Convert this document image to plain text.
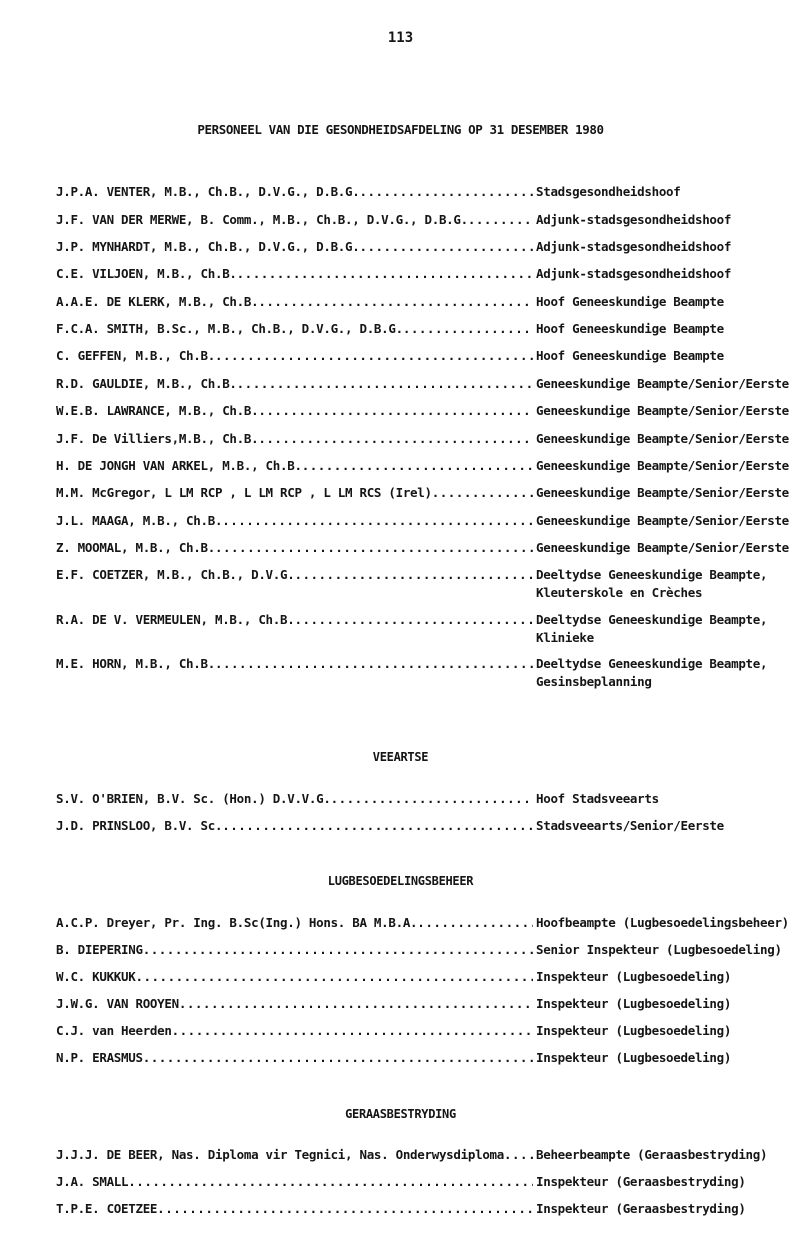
113
PERSONEEL VAN DIE GESONDHEIDSAFDELING OP 31 DESEMBER 1980
J.P.A. VENTER, M.B., Ch.B., D.V.G., D.B.G. .....	Stadsgesondheidshoof
J.F. VAN DER MERWE, B. Comm., M.B., Ch.B., D.V.G., D.B.G. .....	Adjunk-stadsgesondheidshoof
J.P. MYNHARDT, M.B., Ch.B., D.V.G., D.B.G. .....	Adjunk-stadsgesondheidshoof
C.E. VILJOEN, M.B., Ch.B. .....	Adjunk-stadsgesondheidshoof
A.A.E. DE KLERK, M.B., Ch.B. .....	Hoof Geneeskundige Beampte
F.C.A. SMITH, B.Sc., M.B., Ch.B., D.V.G., D.B.G. .....	Hoof Geneeskundige Beampte
C. GEFFEN, M.B., Ch.B. .....	Hoof Geneeskundige Beampte
R.D. GAULDIE, M.B., Ch.B. .....	Geneeskundige Beampte/Senior/Eerste
W.E.B. LAWRANCE, M.B., Ch.B. .....	Geneeskundige Beampte/Senior/Eerste
J.F. De Villiers,M.B., Ch.B. .....	Geneeskundige Beampte/Senior/Eerste
H. DE JONGH VAN ARKEL, M.B., Ch.B. .....	Geneeskundige Beampte/Senior/Eerste
M.M. McGregor, L LM RCP , L LM RCP , L LM RCS (Irel) .....	Geneeskundige Beampte/Senior/Eerste
J.L. MAAGA, M.B., Ch.B. .....	Geneeskundige Beampte/Senior/Eerste
Z. MOOMAL, M.B., Ch.B. .....	Geneeskundige Beampte/Senior/Eerste
E.F. COETZER, M.B., Ch.B., D.V.G. .....	Deeltydse Geneeskundige Beampte,
Kleuterskole en Crèches
R.A. DE V. VERMEULEN, M.B., Ch.B. .....	Deeltydse Geneeskundige Beampte,
Klinieke
M.E. HORN, M.B., Ch.B. .....	Deeltydse Geneeskundige Beampte,
Gesinsbeplanning
VEEARTSE
S.V. O'BRIEN, B.V. Sc. (Hon.) D.V.V.G. .....	Hoof Stadsveearts
J.D. PRINSLOO, B.V. Sc. .....	Stadsveearts/Senior/Eerste
LUGBESOEDELINGSBEHEER
A.C.P. Dreyer, Pr. Ing. B.Sc(Ing.) Hons. BA M.B.A. .....	Hoofbeampte (Lugbesoedelingsbeheer)
B. DIEPERING .....	Senior Inspekteur (Lugbesoedeling)
W.C. KUKKUK .....	Inspekteur (Lugbesoedeling)
J.W.G. VAN ROOYEN .....	Inspekteur (Lugbesoedeling)
C.J. van Heerden .....	Inspekteur (Lugbesoedeling)
N.P. ERASMUS .....	Inspekteur (Lugbesoedeling)
GERAASBESTRYDING
J.J.J. DE BEER, Nas. Diploma vir Tegnici, Nas. Onderwysdiploma .....	Beheerbeampte (Geraasbestryding)
J.A. SMALL .....	Inspekteur (Geraasbestryding)
T.P.E. COETZEE .....	Inspekteur (Geraasbestryding)
